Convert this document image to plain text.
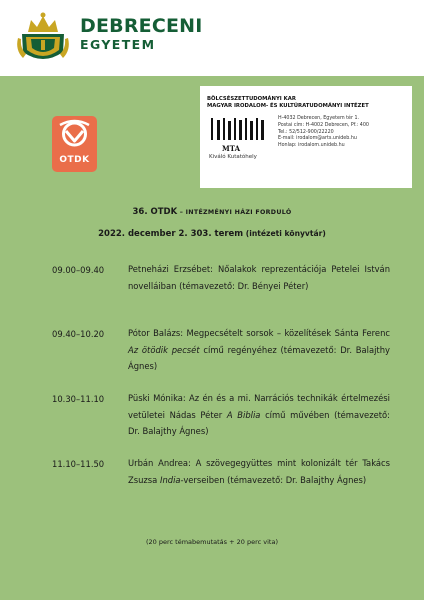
DEBRECENI
EGYETEM
BÖLCSÉSZETTUDOMÁNYI KAR
MAGYAR IRODALOM- ÉS KULTÚRATUDOMÁNYI INTÉZET
MTA
Kiváló Kutatóhely
H-4032 Debrecen, Egyetem tér 1.
Postai cím: H-4002 Debrecen, Pf.: 400
Tel.: 52/512-900/22220
E-mail: irodalom@arts.unideb.hu
Honlap: irodalom.unideb.hu
OTDK
36. OTDK – INTÉZMÉNYI HÁZI FORDULÓ
2022. december 2. 303. terem (intézeti könyvtár)
09.00–09.40	Petneházi Erzsébet: Nőalakok reprezentációja Petelei István novelláiban (témavezető: Dr. Bényei Péter)
09.40–10.20	Pótor Balázs: Megpecsételt sorsok – közelítések Sánta Ferenc Az ötödik pecsét című regényéhez (témavezető: Dr. Balajthy Ágnes)
10.30–11.10	Püski Mónika: Az én és a mi. Narrációs technikák értelmezési vetületei Nádas Péter A Biblia című művében (témavezető: Dr. Balajthy Ágnes)
11.10–11.50	Urbán Andrea: A szövegegyüttes mint kolonizált tér Takács Zsuzsa India-verseiben (témavezető: Dr. Balajthy Ágnes)
(20 perc témabemutatás + 20 perc vita)
